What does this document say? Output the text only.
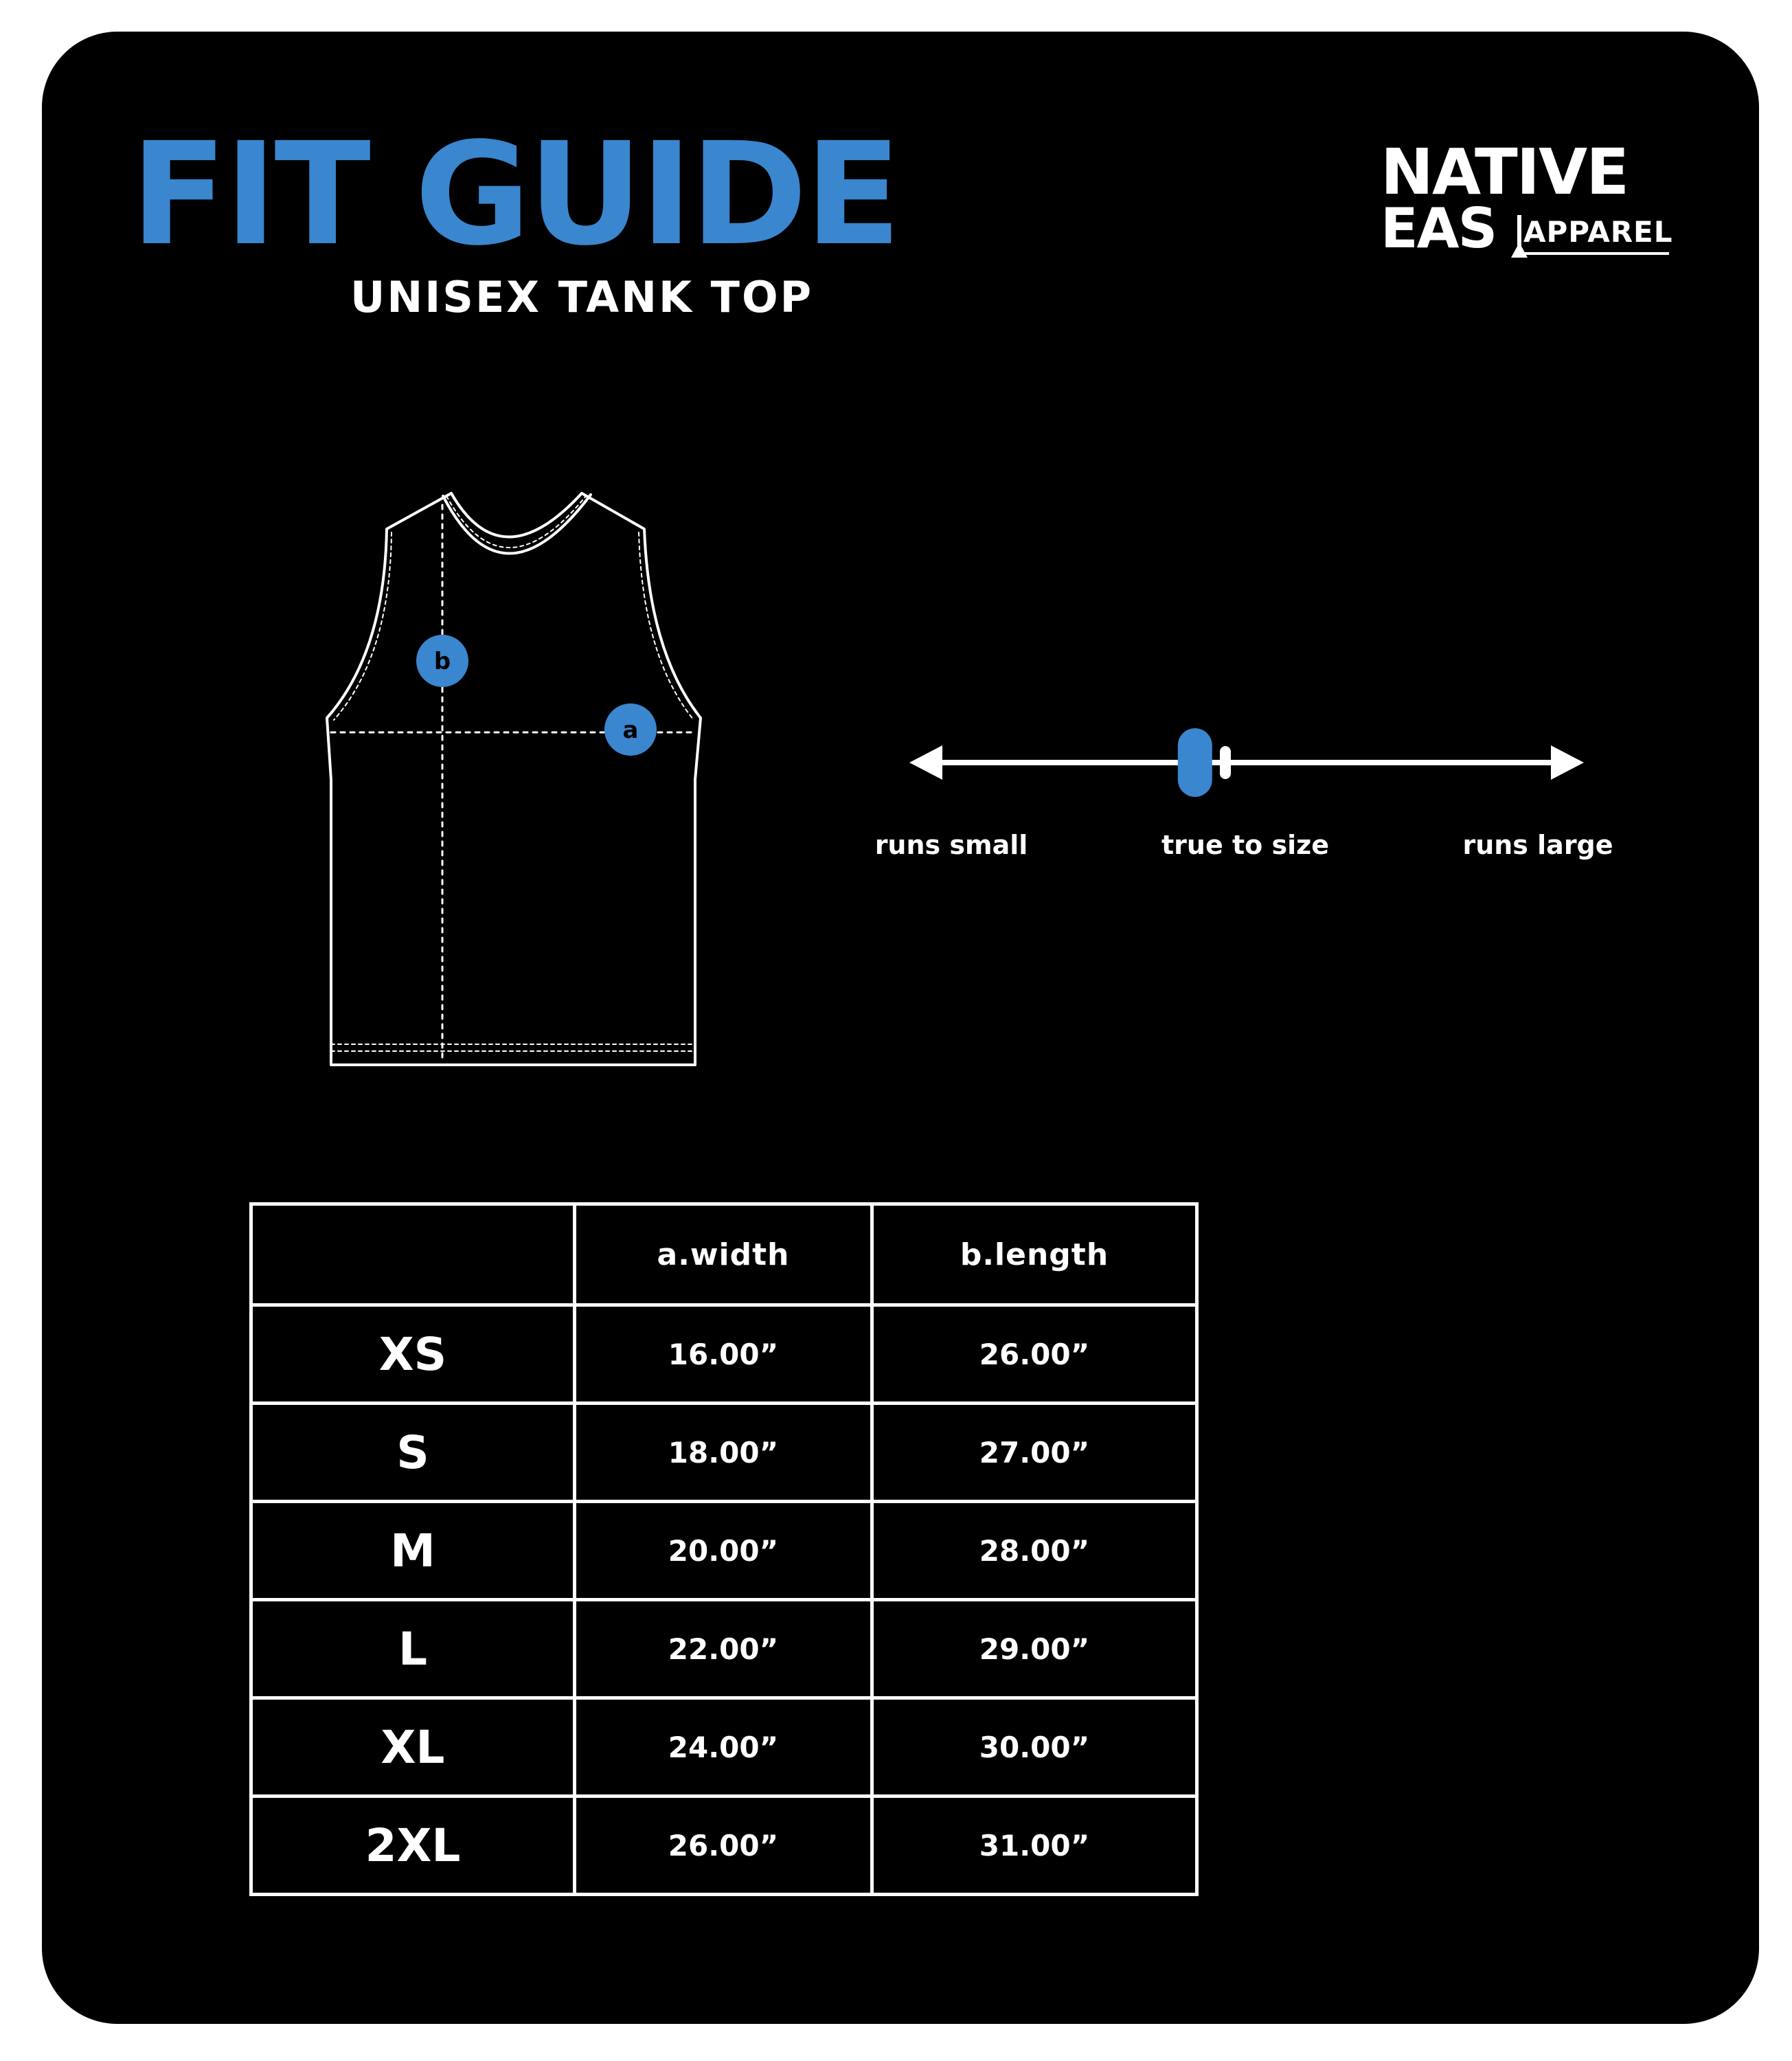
FIT GUIDE
UNISEX TANK TOP
NATIVE
EAS APPAREL
b
a
runs small	true to size	runs large
	a.width	b.length
XS	16.00”	26.00”
S	18.00”	27.00”
M	20.00”	28.00”
L	22.00”	29.00”
XL	24.00”	30.00”
2XL	26.00”	31.00”
